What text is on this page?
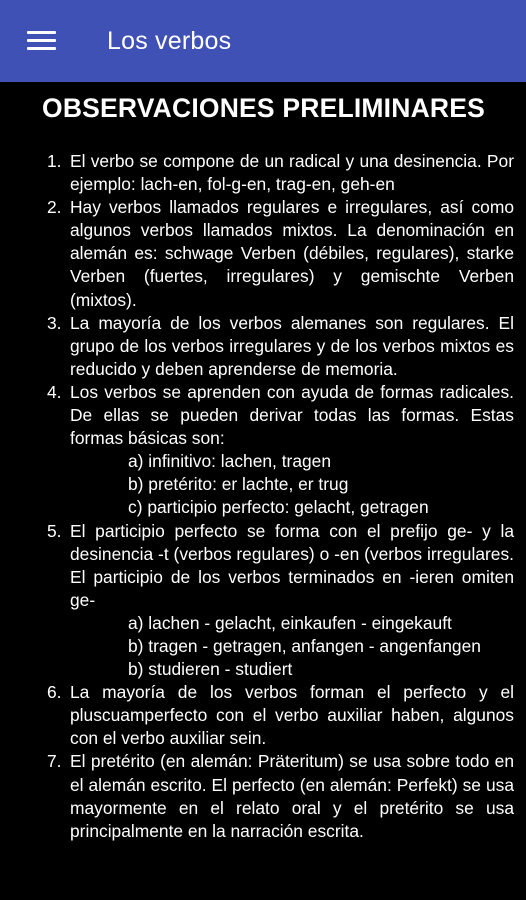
Los verbos
OBSERVACIONES PRELIMINARES
1. El verbo se compone de un radical y una desinencia. Por ejemplo: lach-en, fol-g-en, trag-en, geh-en
2. Hay verbos llamados regulares e irregulares, así como algunos verbos llamados mixtos. La denominación en alemán es: schwage Verben (débiles, regulares), starke Verben (fuertes, irregulares) y gemischte Verben (mixtos).
3. La mayoría de los verbos alemanes son regulares. El grupo de los verbos irregulares y de los verbos mixtos es reducido y deben aprenderse de memoria.
4. Los verbos se aprenden con ayuda de formas radicales. De ellas se pueden derivar todas las formas. Estas formas básicas son:
a) infinitivo: lachen, tragen
b) pretérito: er lachte, er trug
c) participio perfecto: gelacht, getragen
5. El participio perfecto se forma con el prefijo ge- y la desinencia -t (verbos regulares) o -en (verbos irregulares. El participio de los verbos terminados en -ieren omiten ge-
a) lachen - gelacht, einkaufen - eingekauft
b) tragen - getragen, anfangen - angenfangen
b) studieren - studiert
6. La mayoría de los verbos forman el perfecto y el pluscuamperfecto con el verbo auxiliar haben, algunos con el verbo auxiliar sein.
7. El pretérito (en alemán: Präteritum) se usa sobre todo en el alemán escrito. El perfecto (en alemán: Perfekt) se usa mayormente en el relato oral y el pretérito se usa principalmente en la narración escrita.
